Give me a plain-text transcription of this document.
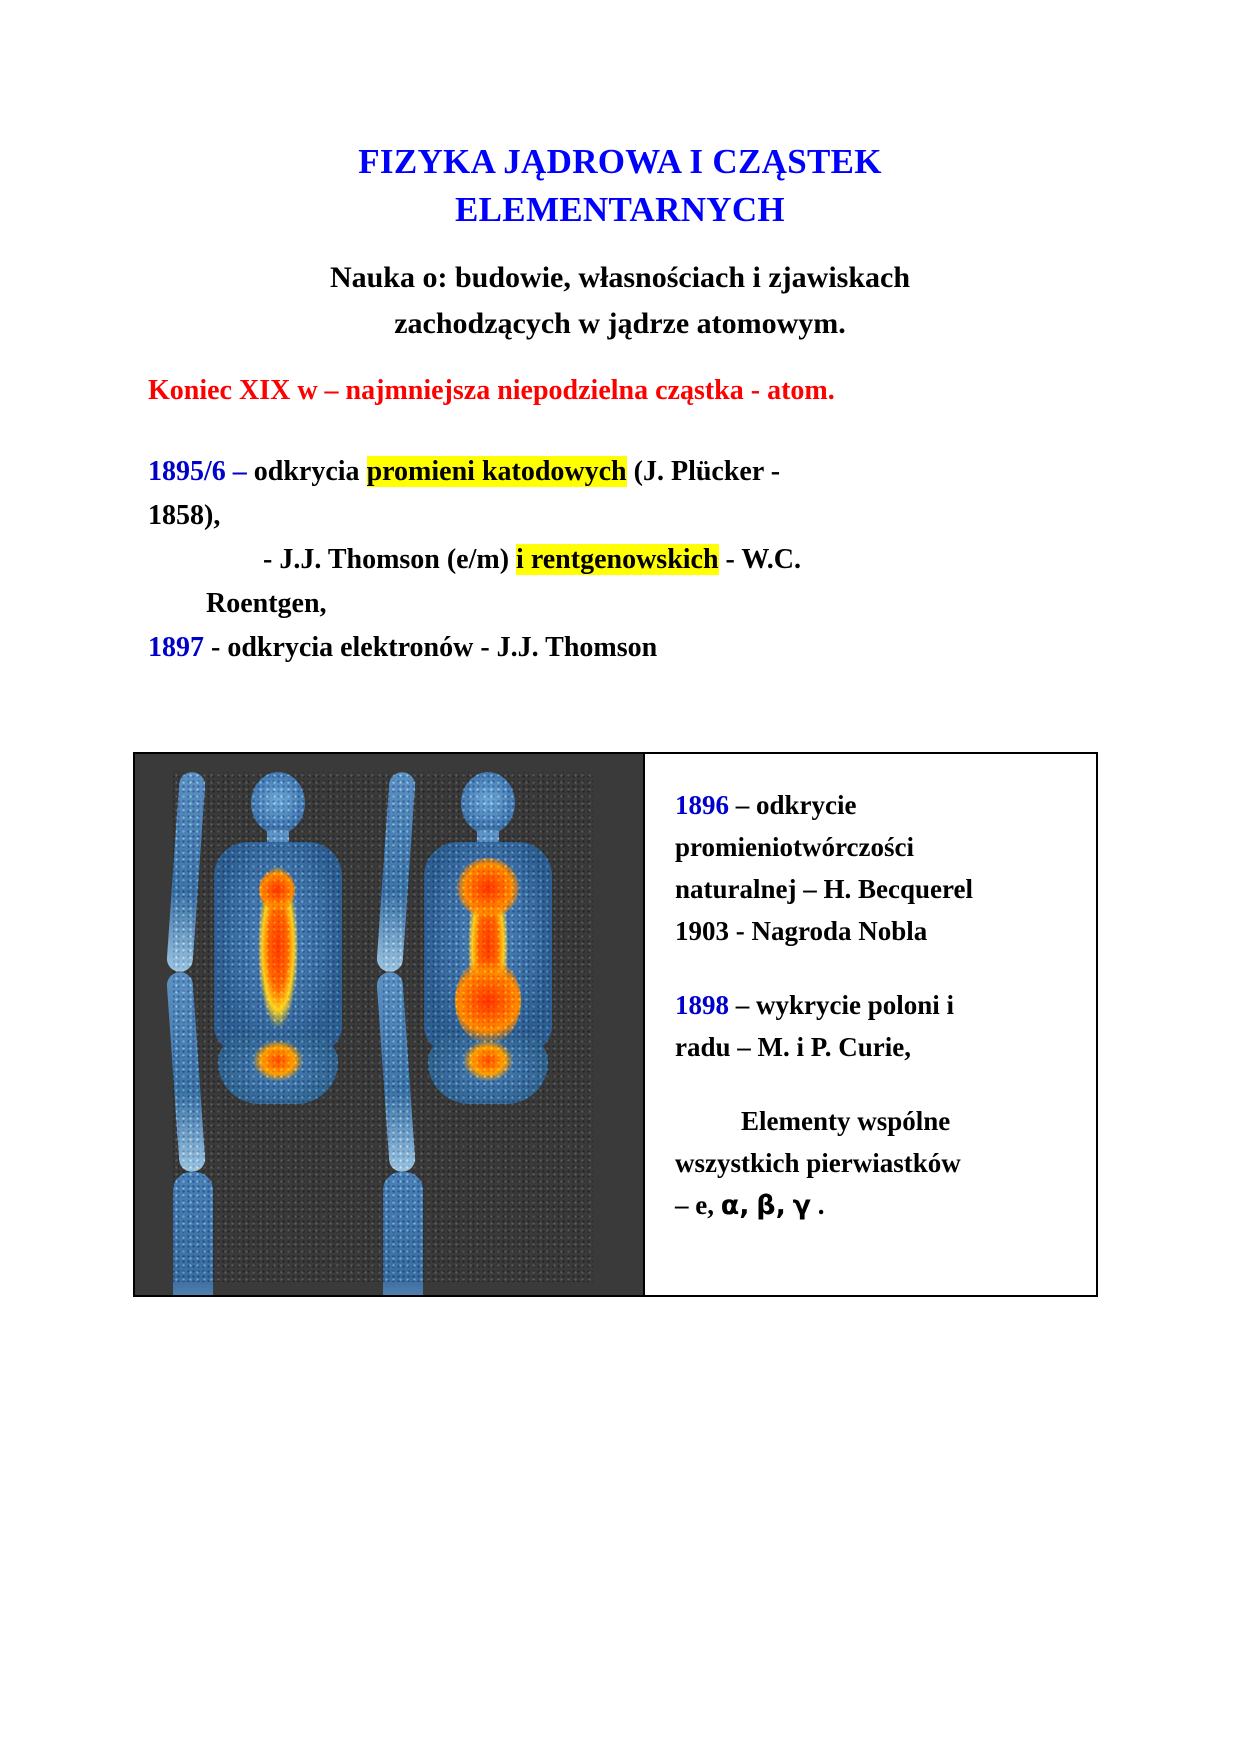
FIZYKA JĄDROWA I CZĄSTEK
ELEMENTARNYCH
Nauka o: budowie, własnościach i zjawiskach
zachodzących w jądrze atomowym.
Koniec XIX w – najmniejsza niepodzielna cząstka - atom.
1895/6 – odkrycia promieni katodowych (J. Plücker -
1858),
- J.J. Thomson (e/m) i rentgenowskich - W.C.
Roentgen,
1897 - odkrycia elektronów - J.J. Thomson

1896 – odkrycie
promieniotwórczości
naturalnej – H. Becquerel
1903 - Nagroda Nobla

1898 – wykrycie poloni i
radu – M. i P. Curie,

Elementy wspólne
wszystkich pierwiastków
– e, α, β, γ .
